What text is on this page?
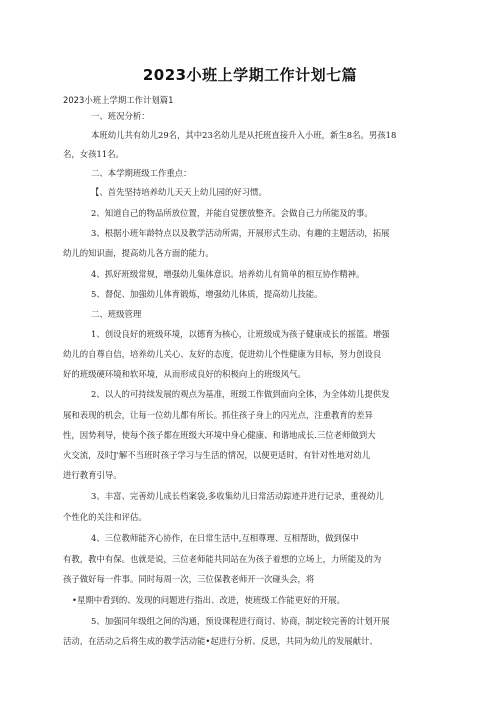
2023小班上学期工作计划七篇
2023小班上学期工作计划篇1
一、班况分析：
本班幼儿共有幼儿29名，其中23名幼儿是从托班直接升入小班，新生8名。男孩18
名，女孩11名。
二、本学期班级工作重点：
【、首先坚持培养幼儿天天上幼儿园的好习惯。
2、知道自己的物品所放位置，并能自觉摆放整齐。会做自己力所能及的事。
3、根据小班年龄特点以及教学活动所需，开展形式生动、有趣的主题活动，拓展
幼儿的知识面，提高幼儿各方面的能力。
4、抓好班级常规，增强幼儿集体意识。培养幼儿有简单的相互协作精神。
5、督促、加强幼儿体育锻炼，增强幼儿体质，提高幼儿技能。
二、班级管理
1、创设良好的班级环境，以德育为核心，让班级成为孩子健康成长的摇篮。增强
幼儿的自尊自信，培养幼儿关心、友好的态度，促进幼儿个性健康为目标，努力创设良
好的班级硬环境和软环境，从而形成良好的积极向上的班级风气。
2、以人的可持续发展的观点为基准，班级工作做到面向全体，为全体幼儿提供发
展和表现的机会，让每一位幼儿都有所长。抓住孩子身上的闪光点，注重教育的差异
性，因势利导，使每个孩子都在班级大环境中身心健康、和谐地成长.三位老师做到大
火交流，及时J'解不当班时孩子学习与生活的情况，以便更适时，有针对性地对幼儿
进行教育引导。
3、丰富、完善幼儿成长档案袋,多收集幼儿日常活动踪迹并进行记录，重视幼儿
个性化的关注和评估。
4、三位教师能齐心协作，在日常生活中,互相尊理、互相帮助，做到保中
有教，教中有保。也就是说，三位老师能共同站在为孩子着想的立场上，力所能及的为
孩子做好每一件事。同时每周一次，三位保教老师开一次碰头会，将
•星期中看到的、发现的问题进行指出、改进，使班级工作能更好的开展。
5、加强同年级组之间的沟通，预设课程进行商讨、协商，制定较完善的计划开展
活动，在活动之后将生成的教学活动能•起进行分析、反思，共同为幼儿的发展献计、
